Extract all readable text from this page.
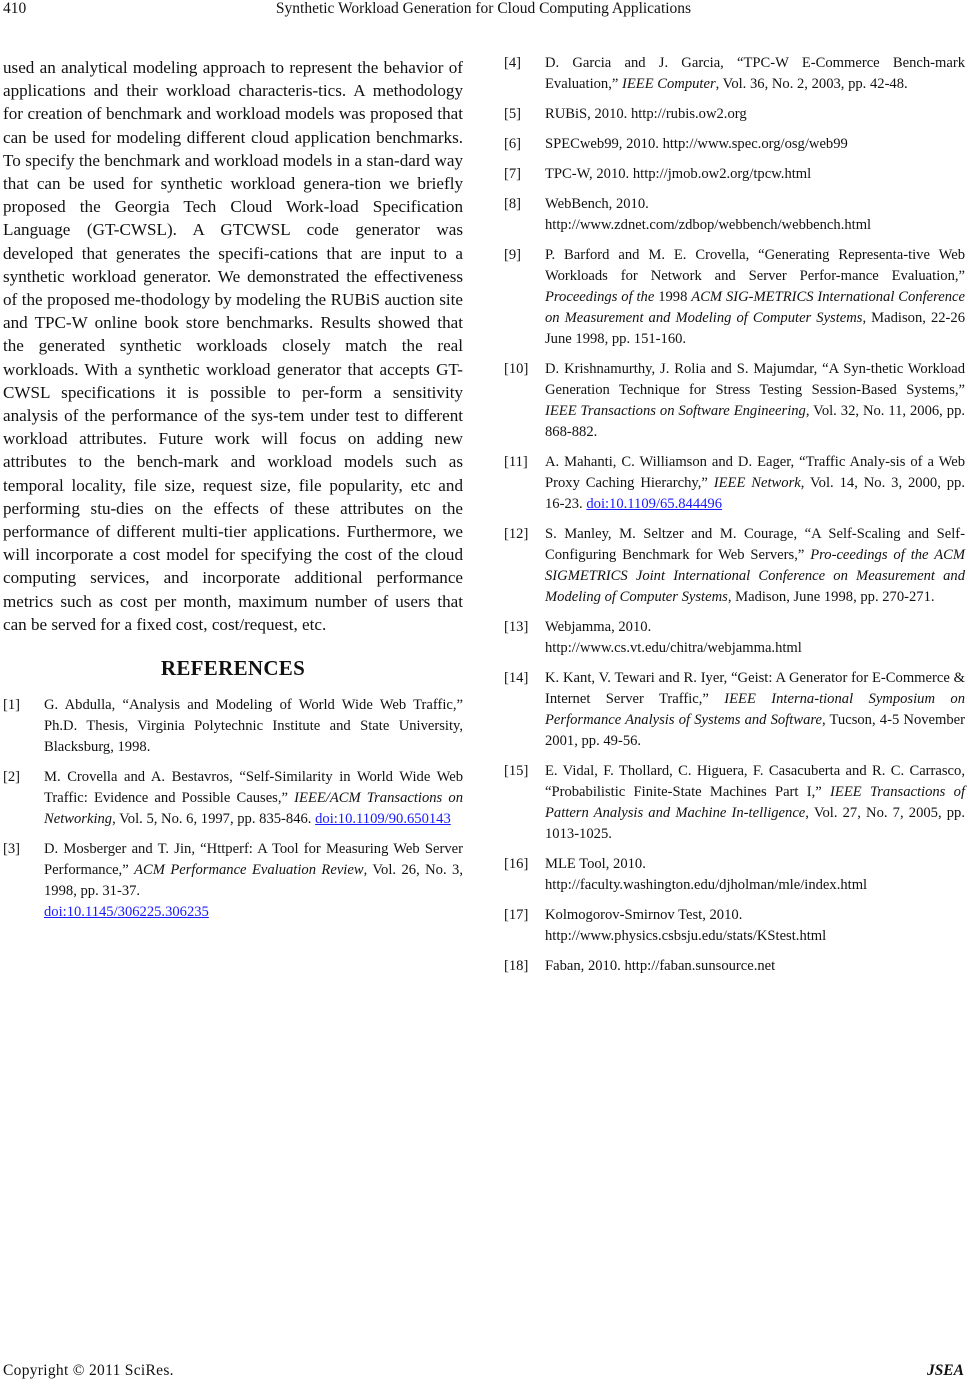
410	Synthetic Workload Generation for Cloud Computing Applications

used an analytical modeling approach to represent the behavior of applications and their workload characteris-tics. A methodology for creation of benchmark and workload models was proposed that can be used for modeling different cloud application benchmarks. To specify the benchmark and workload models in a stan-dard way that can be used for synthetic workload genera-tion we briefly proposed the Georgia Tech Cloud Work-load Specification Language (GT-CWSL). A GTCWSL code generator was developed that generates the specifi-cations that are input to a synthetic workload generator. We demonstrated the effectiveness of the proposed me-thodology by modeling the RUBiS auction site and TPC-W online book store benchmarks. Results showed that the generated synthetic workloads closely match the real workloads. With a synthetic workload generator that accepts GT-CWSL specifications it is possible to per-form a sensitivity analysis of the performance of the sys-tem under test to different workload attributes. Future work will focus on adding new attributes to the bench-mark and workload models such as temporal locality, file size, request size, file popularity, etc and performing stu-dies on the effects of these attributes on the performance of different multi-tier applications. Furthermore, we will incorporate a cost model for specifying the cost of the cloud computing services, and incorporate additional performance metrics such as cost per month, maximum number of users that can be served for a fixed cost, cost/request, etc.

REFERENCES
[1] G. Abdulla, “Analysis and Modeling of World Wide Web Traffic,” Ph.D. Thesis, Virginia Polytechnic Institute and State University, Blacksburg, 1998.
[2] M. Crovella and A. Bestavros, “Self-Similarity in World Wide Web Traffic: Evidence and Possible Causes,” IEEE/ACM Transactions on Networking, Vol. 5, No. 6, 1997, pp. 835-846. doi:10.1109/90.650143
[3] D. Mosberger and T. Jin, “Httperf: A Tool for Measuring Web Server Performance,” ACM Performance Evaluation Review, Vol. 26, No. 3, 1998, pp. 31-37.
doi:10.1145/306225.306235
[4] D. Garcia and J. Garcia, “TPC-W E-Commerce Bench-mark Evaluation,” IEEE Computer, Vol. 36, No. 2, 2003, pp. 42-48.
[5] RUBiS, 2010. http://rubis.ow2.org
[6] SPECweb99, 2010. http://www.spec.org/osg/web99
[7] TPC-W, 2010. http://jmob.ow2.org/tpcw.html
[8] WebBench, 2010.
http://www.zdnet.com/zdbop/webbench/webbench.html
[9] P. Barford and M. E. Crovella, “Generating Representa-tive Web Workloads for Network and Server Perfor-mance Evaluation,” Proceedings of the 1998 ACM SIG-METRICS International Conference on Measurement and Modeling of Computer Systems, Madison, 22-26 June 1998, pp. 151-160.
[10] D. Krishnamurthy, J. Rolia and S. Majumdar, “A Syn-thetic Workload Generation Technique for Stress Testing Session-Based Systems,” IEEE Transactions on Software Engineering, Vol. 32, No. 11, 2006, pp. 868-882.
[11] A. Mahanti, C. Williamson and D. Eager, “Traffic Analy-sis of a Web Proxy Caching Hierarchy,” IEEE Network, Vol. 14, No. 3, 2000, pp. 16-23. doi:10.1109/65.844496
[12] S. Manley, M. Seltzer and M. Courage, “A Self-Scaling and Self-Configuring Benchmark for Web Servers,” Pro-ceedings of the ACM SIGMETRICS Joint International Conference on Measurement and Modeling of Computer Systems, Madison, June 1998, pp. 270-271.
[13] Webjamma, 2010.
http://www.cs.vt.edu/chitra/webjamma.html
[14] K. Kant, V. Tewari and R. Iyer, “Geist: A Generator for E-Commerce & Internet Server Traffic,” IEEE Interna-tional Symposium on Performance Analysis of Systems and Software, Tucson, 4-5 November 2001, pp. 49-56.
[15] E. Vidal, F. Thollard, C. Higuera, F. Casacuberta and R. C. Carrasco, “Probabilistic Finite-State Machines Part I,” IEEE Transactions of Pattern Analysis and Machine In-telligence, Vol. 27, No. 7, 2005, pp. 1013-1025.
[16] MLE Tool, 2010.
http://faculty.washington.edu/djholman/mle/index.html
[17] Kolmogorov-Smirnov Test, 2010.
http://www.physics.csbsju.edu/stats/KStest.html
[18] Faban, 2010. http://faban.sunsource.net
Copyright © 2011 SciRes.	JSEA
